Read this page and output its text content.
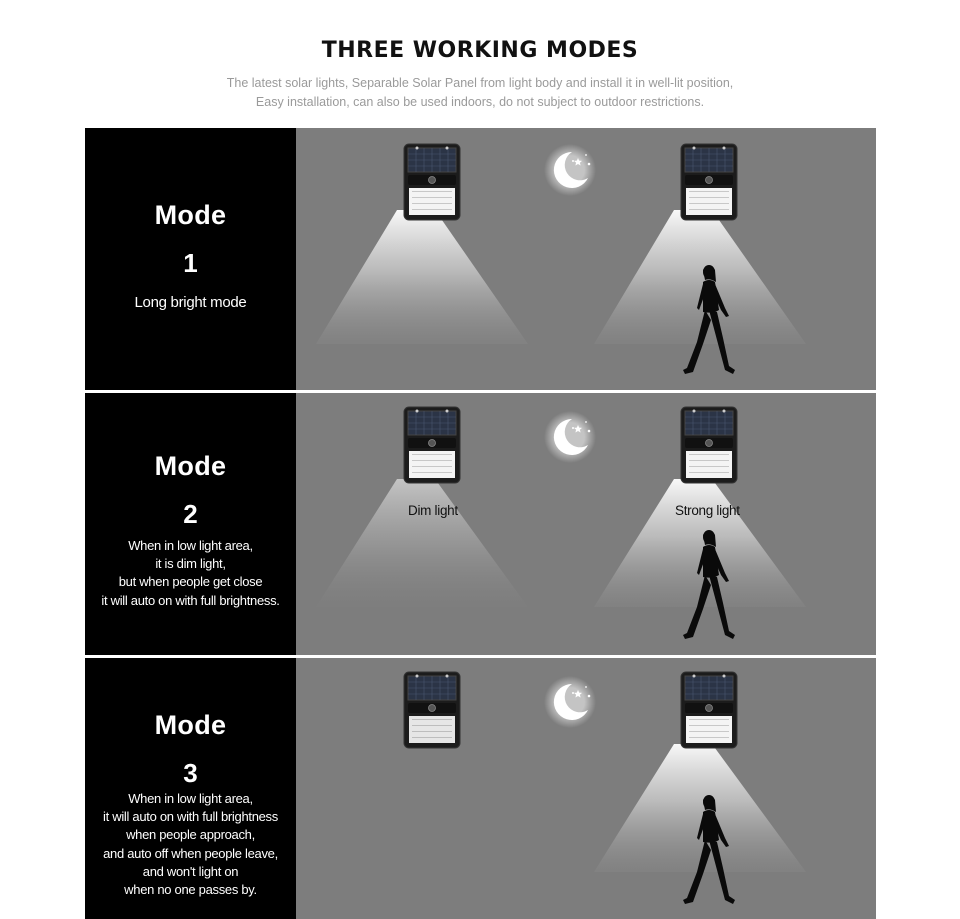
THREE WORKING MODES
The latest solar lights, Separable Solar Panel from light body and install it in well-lit position,
Easy installation, can also be used indoors, do not subject to outdoor restrictions.
Mode
1
Long bright mode
Mode
2
When in low light area,
it is dim light,
but when people get close
it will auto on with full brightness.
Dim light	Strong light
Mode
3
When in low light area,
it will auto on with full brightness
when people approach,
and auto off when people leave,
and won't light on
when no one passes by.
